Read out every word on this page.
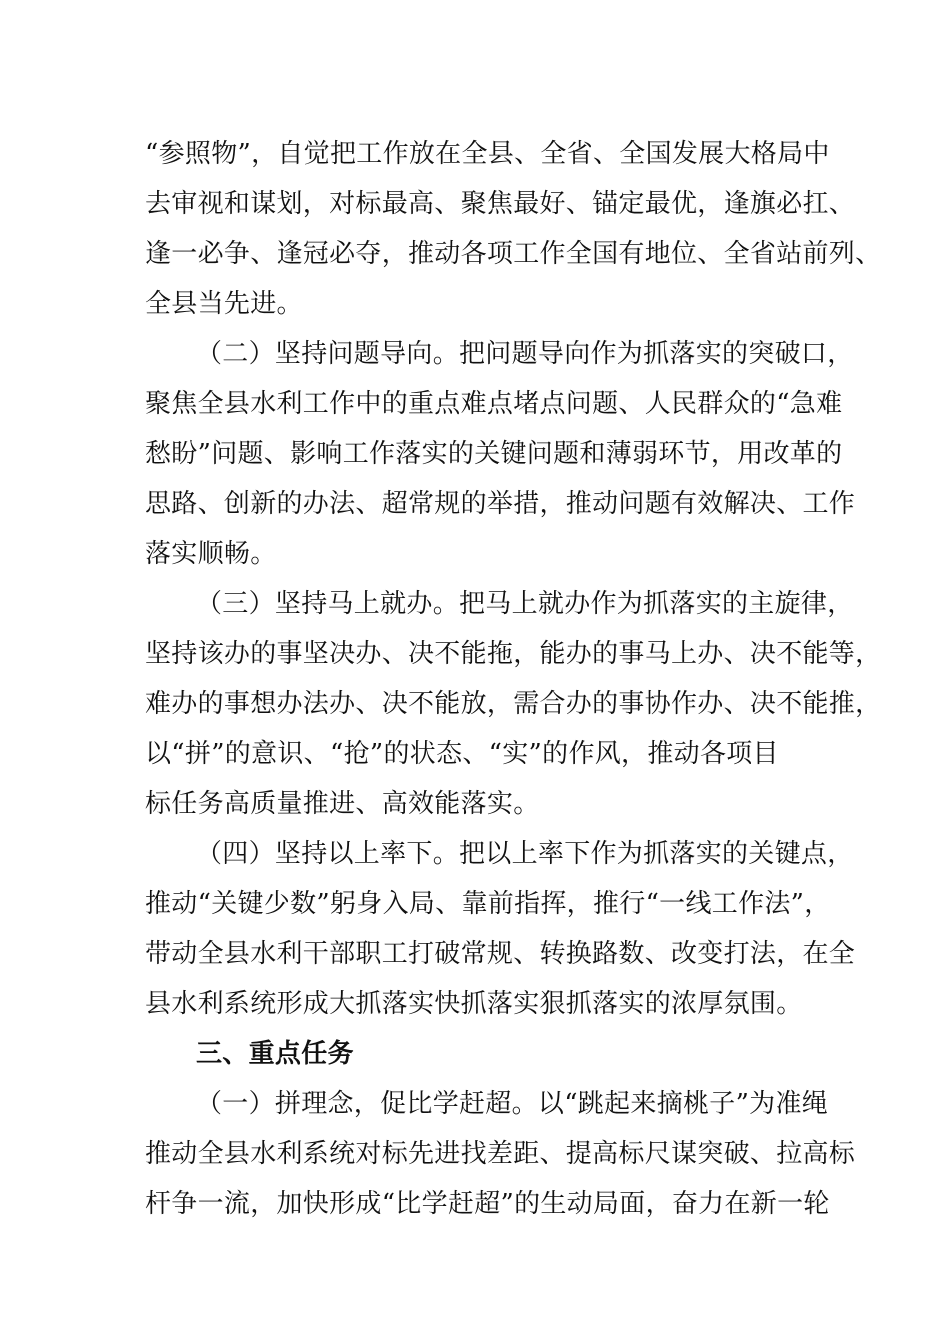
“参照物”，自觉把工作放在全县、全省、全国发展大格局中
去审视和谋划，对标最高、聚焦最好、锚定最优，逢旗必扛、
逢一必争、逢冠必夺，推动各项工作全国有地位、全省站前列、
全县当先进。
（二）坚持问题导向。把问题导向作为抓落实的突破口，
聚焦全县水利工作中的重点难点堵点问题、人民群众的“急难
愁盼”问题、影响工作落实的关键问题和薄弱环节，用改革的
思路、创新的办法、超常规的举措，推动问题有效解决、工作
落实顺畅。
（三）坚持马上就办。把马上就办作为抓落实的主旋律，
坚持该办的事坚决办、决不能拖，能办的事马上办、决不能等，
难办的事想办法办、决不能放，需合办的事协作办、决不能推，
以“拼”的意识、“抢”的状态、“实”的作风，推动各项目
标任务高质量推进、高效能落实。
（四）坚持以上率下。把以上率下作为抓落实的关键点，
推动“关键少数”躬身入局、靠前指挥，推行“一线工作法”，
带动全县水利干部职工打破常规、转换路数、改变打法，在全
县水利系统形成大抓落实快抓落实狠抓落实的浓厚氛围。
三、重点任务
（一）拼理念，促比学赶超。以“跳起来摘桃子”为准绳
推动全县水利系统对标先进找差距、提高标尺谋突破、拉高标
杆争一流，加快形成“比学赶超”的生动局面，奋力在新一轮
